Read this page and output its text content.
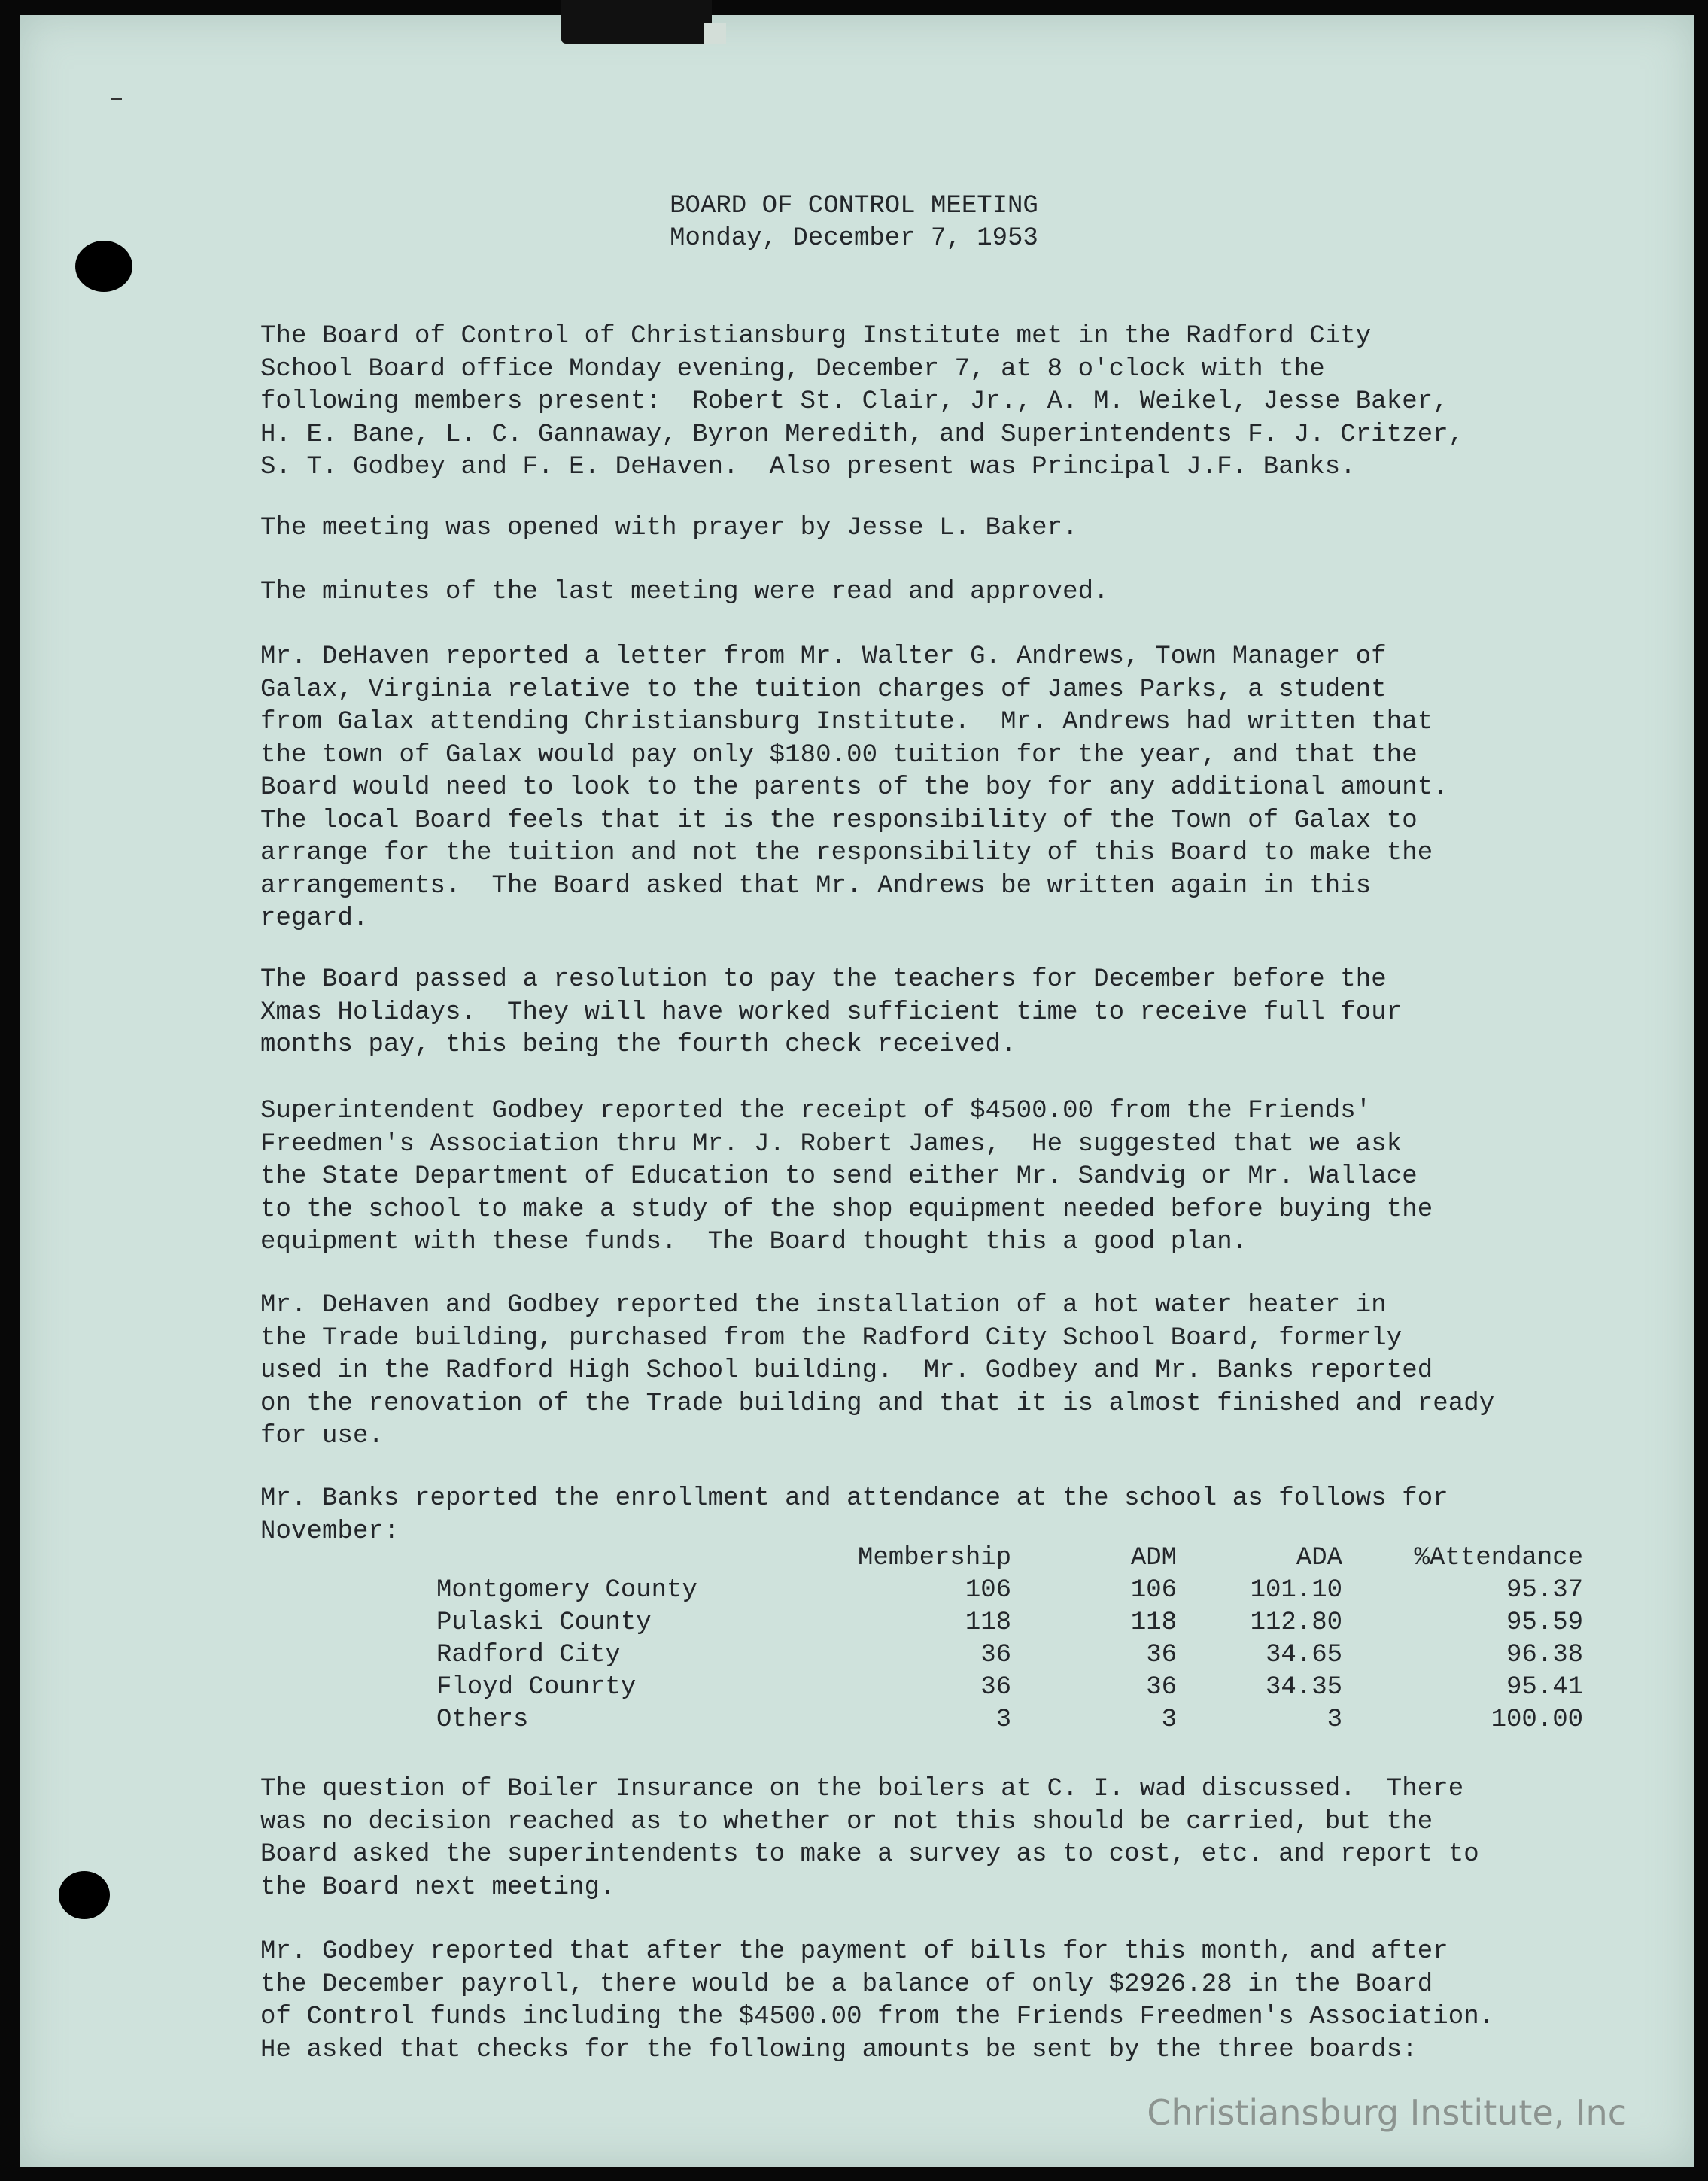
BOARD OF CONTROL MEETING
Monday, December 7, 1953
The Board of Control of Christiansburg Institute met in the Radford City
School Board office Monday evening, December 7, at 8 o'clock with the
following members present:  Robert St. Clair, Jr., A. M. Weikel, Jesse Baker,
H. E. Bane, L. C. Gannaway, Byron Meredith, and Superintendents F. J. Critzer,
S. T. Godbey and F. E. DeHaven.  Also present was Principal J.F. Banks.
The meeting was opened with prayer by Jesse L. Baker.
The minutes of the last meeting were read and approved.
Mr. DeHaven reported a letter from Mr. Walter G. Andrews, Town Manager of
Galax, Virginia relative to the tuition charges of James Parks, a student
from Galax attending Christiansburg Institute.  Mr. Andrews had written that
the town of Galax would pay only $180.00 tuition for the year, and that the
Board would need to look to the parents of the boy for any additional amount.
The local Board feels that it is the responsibility of the Town of Galax to
arrange for the tuition and not the responsibility of this Board to make the
arrangements.  The Board asked that Mr. Andrews be written again in this
regard.
The Board passed a resolution to pay the teachers for December before the
Xmas Holidays.  They will have worked sufficient time to receive full four
months pay, this being the fourth check received.
Superintendent Godbey reported the receipt of $4500.00 from the Friends'
Freedmen's Association thru Mr. J. Robert James,  He suggested that we ask
the State Department of Education to send either Mr. Sandvig or Mr. Wallace
to the school to make a study of the shop equipment needed before buying the
equipment with these funds.  The Board thought this a good plan.
Mr. DeHaven and Godbey reported the installation of a hot water heater in
the Trade building, purchased from the Radford City School Board, formerly
used in the Radford High School building.  Mr. Godbey and Mr. Banks reported
on the renovation of the Trade building and that it is almost finished and ready
for use.
Mr. Banks reported the enrollment and attendance at the school as follows for
November:
	Membership	ADM	ADA	%Attendance
Montgomery County	106	106	101.10	95.37
Pulaski County	118	118	112.80	95.59
Radford City	36	36	34.65	96.38
Floyd Counrty	36	36	34.35	95.41
Others	3	3	3	100.00
The question of Boiler Insurance on the boilers at C. I. wad discussed.  There
was no decision reached as to whether or not this should be carried, but the
Board asked the superintendents to make a survey as to cost, etc. and report to
the Board next meeting.
Mr. Godbey reported that after the payment of bills for this month, and after
the December payroll, there would be a balance of only $2926.28 in the Board
of Control funds including the $4500.00 from the Friends Freedmen's Association.
He asked that checks for the following amounts be sent by the three boards:
Christiansburg Institute, Inc
